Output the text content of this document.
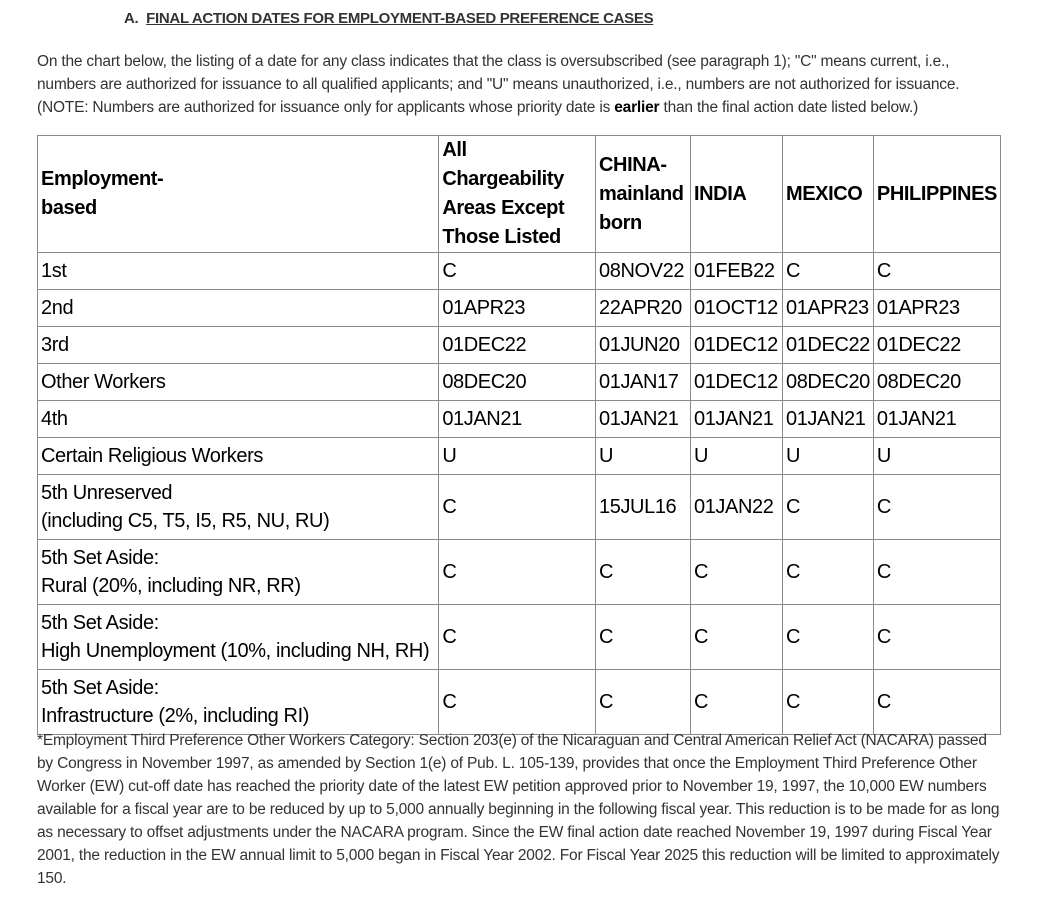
A. FINAL ACTION DATES FOR EMPLOYMENT-BASED PREFERENCE CASES
On the chart below, the listing of a date for any class indicates that the class is oversubscribed (see paragraph 1); "C" means current, i.e., numbers are authorized for issuance to all qualified applicants; and "U" means unauthorized, i.e., numbers are not authorized for issuance. (NOTE: Numbers are authorized for issuance only for applicants whose priority date is earlier than the final action date listed below.)
Employment-
based	All Chargeability
Areas Except
Those Listed	CHINA-
mainland
born	INDIA	MEXICO	PHILIPPINES
1st	C	08NOV22	01FEB22	C	C
2nd	01APR23	22APR20	01OCT12	01APR23	01APR23
3rd	01DEC22	01JUN20	01DEC12	01DEC22	01DEC22
Other Workers	08DEC20	01JAN17	01DEC12	08DEC20	08DEC20
4th	01JAN21	01JAN21	01JAN21	01JAN21	01JAN21
Certain Religious Workers	U	U	U	U	U
5th Unreserved
(including C5, T5, I5, R5, NU, RU)	C	15JUL16	01JAN22	C	C
5th Set Aside:
Rural (20%, including NR, RR)	C	C	C	C	C
5th Set Aside:
High Unemployment (10%, including NH, RH)	C	C	C	C	C
5th Set Aside:
Infrastructure (2%, including RI)	C	C	C	C	C
*Employment Third Preference Other Workers Category: Section 203(e) of the Nicaraguan and Central American Relief Act (NACARA) passed by Congress in November 1997, as amended by Section 1(e) of Pub. L. 105-139, provides that once the Employment Third Preference Other Worker (EW) cut-off date has reached the priority date of the latest EW petition approved prior to November 19, 1997, the 10,000 EW numbers available for a fiscal year are to be reduced by up to 5,000 annually beginning in the following fiscal year. This reduction is to be made for as long as necessary to offset adjustments under the NACARA program. Since the EW final action date reached November 19, 1997 during Fiscal Year 2001, the reduction in the EW annual limit to 5,000 began in Fiscal Year 2002. For Fiscal Year 2025 this reduction will be limited to approximately 150.
